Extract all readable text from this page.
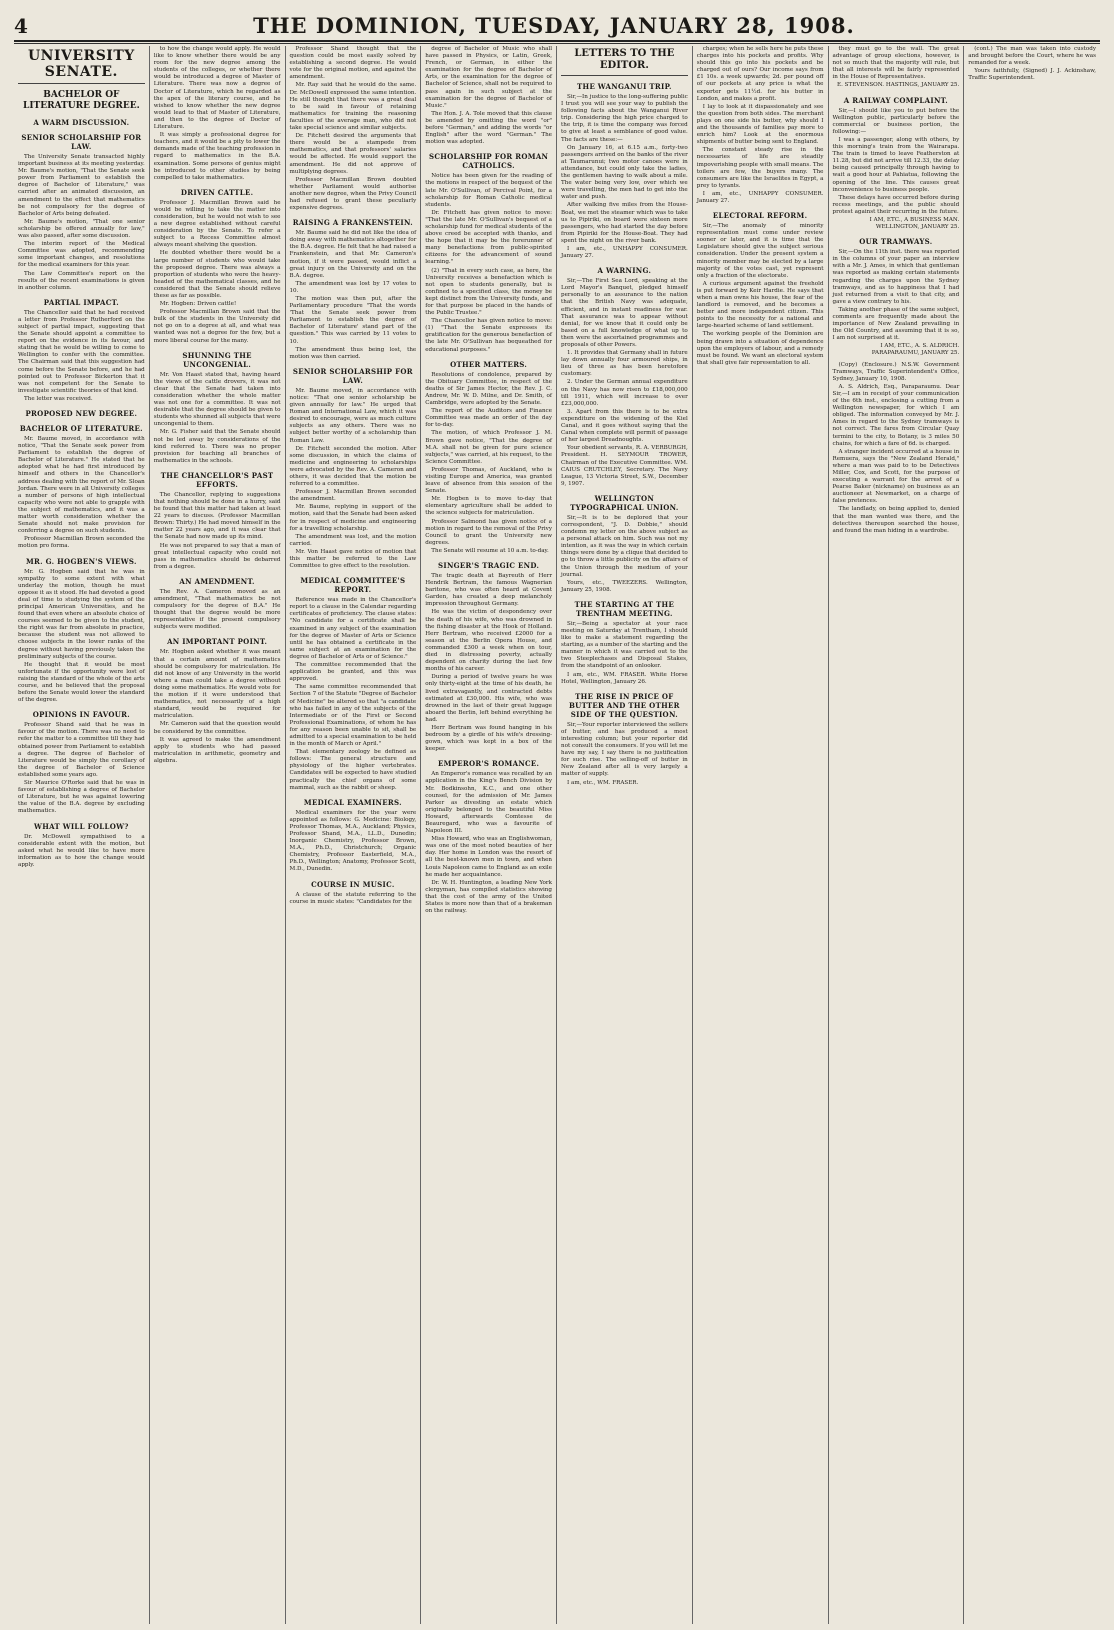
4	THE DOMINION, TUESDAY, JANUARY 28, 1908.
UNIVERSITY SENATE.
BACHELOR OF LITERATURE DEGREE.
A WARM DISCUSSION.
SENIOR SCHOLARSHIP FOR LAW.

The University Senate transacted highly important business at its meeting yesterday. Mr. Baume's motion, "That the Senate seek power from Parliament to establish the degree of Bachelor of Literature," was carried after an animated discussion, an amendment to the effect that mathematics be not compulsory for the degree of Bachelor of Arts being defeated.

Mr. Baume's motion, "That one senior scholarship be offered annually for law," was also passed, after some discussion.

The interim report of the Medical Committee was adopted, recommending some important changes, and resolutions for the medical examiners for this year.

The Law Committee's report on the results of the recent examinations is given in another column.

PARTIAL IMPACT.

The Chancellor said that he had received a letter from Professor Rutherford on the subject of partial impact, suggesting that the Senate should appoint a committee to report on the evidence in its favour, and stating that he would be willing to come to Wellington to confer with the committee. The Chairman said that this suggestion had come before the Senate before, and he had pointed out to Professor Bickerton that it was not competent for the Senate to investigate scientific theories of that kind.

The letter was received.

PROPOSED NEW DEGREE.
BACHELOR OF LITERATURE.

Mr. Baume moved, in accordance with notice, "That the Senate seek power from Parliament to establish the degree of Bachelor of Literature." He stated that he adopted what he had first introduced by himself and others in the Chancellor's address dealing with the report of Mr. Sloan Jordan. There were in all University colleges a number of persons of high intellectual capacity who were not able to grapple with the subject of mathematics, and it was a matter worth consideration whether the Senate should not make provision for conferring a degree on such students.

Professor Macmillan Brown seconded the motion pro forma.

MR. G. HOGBEN'S VIEWS.

Mr. G. Hogben said that he was in sympathy to some extent with what underlay the motion, though he must oppose it as it stood. He had devoted a good deal of time to studying the system of the principal American Universities, and he found that even where an absolute choice of courses seemed to be given to the student, the right was far from absolute in practice, because the student was not allowed to choose subjects in the lower ranks of the degree without having previously taken the preliminary subjects of the course.

He thought that it would be most unfortunate if the opportunity were lost of raising the standard of the whole of the arts course, and he believed that the proposal before the Senate would lower the standard of the degree.

OPINIONS IN FAVOUR.

Professor Shand said that he was in favour of the motion. There was no need to refer the matter to a committee till they had obtained power from Parliament to establish a degree. The degree of Bachelor of Literature would be simply the corollary of the degree of Bachelor of Science established some years ago.

Sir Maurice O'Rorke said that he was in favour of establishing a degree of Bachelor of Literature, but he was against lowering the value of the B.A. degree by excluding mathematics.

WHAT WILL FOLLOW?

Dr. McDowell sympathised to a considerable extent with the motion, but asked what he would like to have more information as to how the change would apply.

to how the change would apply. He would like to know whether there would be any room for the new degree among the students of the colleges, or whether there would be introduced a degree of Master of Literature. There was now a degree of Doctor of Literature, which he regarded as the apex of the literary course, and he wished to know whether the new degree would lead to that of Master of Literature, and then to the degree of Doctor of Literature.

It was simply a professional degree for teachers, and it would be a pity to lower the demands made of the teaching profession in regard to mathematics in the B.A. examination. Some persons of genius might be introduced to other studies by being compelled to take mathematics.

DRIVEN CATTLE.

Professor J. Macmillan Brown said he would be willing to take the matter into consideration, but he would not wish to see a new degree established without careful consideration by the Senate. To refer a subject to a Recess Committee almost always meant shelving the question.

He doubted whether there would be a large number of students who would take the proposed degree. There was always a proportion of students who were the heavy-headed of the mathematical classes, and he considered that the Senate should relieve these as far as possible.

Mr. Hogben: Driven cattle!

Professor Macmillan Brown said that the bulk of the students in the University did not go on to a degree at all, and what was wanted was not a degree for the few, but a more liberal course for the many.

SHUNNING THE UNCONGENIAL.

Mr. Von Haast stated that, having heard the views of the cattle drovers, it was not clear that the Senate had taken into consideration whether the whole matter was not one for a committee. It was not desirable that the degree should be given to students who shunned all subjects that were uncongenial to them.

Mr. G. Fisher said that the Senate should not be led away by considerations of the kind referred to. There was no proper provision for teaching all branches of mathematics in the schools.

THE CHANCELLOR'S PAST EFFORTS.

The Chancellor, replying to suggestions that nothing should be done in a hurry, said he found that this matter had taken at least 22 years to discuss. (Professor Macmillan Brown: Thirty.) He had moved himself in the matter 22 years ago, and it was clear that the Senate had now made up its mind.

He was not prepared to say that a man of great intellectual capacity who could not pass in mathematics should be debarred from a degree.

AN AMENDMENT.

The Rev. A. Cameron moved as an amendment, "That mathematics be not compulsory for the degree of B.A." He thought that the degree would be more representative if the present compulsory subjects were modified.

AN IMPORTANT POINT.

Mr. Hogben asked whether it was meant that a certain amount of mathematics should be compulsory for matriculation. He did not know of any University in the world where a man could take a degree without doing some mathematics. He would vote for the motion if it were understood that mathematics, not necessarily of a high standard, would be required for matriculation.

Mr. Cameron said that the question would be considered by the committee.

It was agreed to make the amendment apply to students who had passed matriculation in arithmetic, geometry and algebra.

Professor Shand thought that the question could be most easily solved by establishing a second degree. He would vote for the original motion, and against the amendment.

Mr. Ray said that he would do the same. Dr. McDowell expressed the same intention. He still thought that there was a great deal to be said in favour of retaining mathematics for training the reasoning faculties of the average man, who did not take special science and similar subjects.

Dr. Fitchett desired the arguments that there would be a stampede from mathematics, and that professors' salaries would be affected. He would support the amendment. He did not approve of multiplying degrees.

Professor Macmillan Brown doubted whether Parliament would authorise another new degree, when the Privy Council had refused to grant these peculiarly expensive degrees.

RAISING A FRANKENSTEIN.

Mr. Baume said he did not like the idea of doing away with mathematics altogether for the B.A. degree. He felt that he had raised a Frankenstein, and that Mr. Cameron's motion, if it were passed, would inflict a great injury on the University and on the B.A. degree.

The amendment was lost by 17 votes to 10.

The motion was then put, after the Parliamentary procedure "That the words 'That the Senate seek power from Parliament to establish the degree of Bachelor of Literature' stand part of the question." This was carried by 11 votes to 10.

The amendment thus being lost, the motion was then carried.

SENIOR SCHOLARSHIP FOR LAW.

Mr. Baume moved, in accordance with notice: "That one senior scholarship be given annually for law." He urged that Roman and International Law, which it was desired to encourage, were as much culture subjects as any others. There was no subject better worthy of a scholarship than Roman Law.

Dr. Fitchett seconded the motion. After some discussion, in which the claims of medicine and engineering to scholarships were advocated by the Rev. A. Cameron and others, it was decided that the motion be referred to a committee.

Professor J. Macmillan Brown seconded the amendment.

Mr. Baume, replying in support of the motion, said that the Senate had been asked for in respect of medicine and engineering for a travelling scholarship.

The amendment was lost, and the motion carried.

Mr. Von Haast gave notice of motion that this matter be referred to the Law Committee to give effect to the resolution.

MEDICAL COMMITTEE'S REPORT.

Reference was made in the Chancellor's report to a clause in the Calendar regarding certificates of proficiency. The clause states: "No candidate for a certificate shall be examined in any subject of the examination for the degree of Master of Arts or Science until he has obtained a certificate in the same subject at an examination for the degree of Bachelor of Arts or of Science."

The committee recommended that the application be granted, and this was approved.

The same committee recommended that Section 7 of the Statute "Degree of Bachelor of Medicine" be altered so that "a candidate who has failed in any of the subjects of the Intermediate or of the First or Second Professional Examinations, of whom he has for any reason been unable to sit, shall be admitted to a special examination to be held in the month of March or April."

That elementary zoology be defined as follows: The general structure and physiology of the higher vertebrates. Candidates will be expected to have studied practically the chief organs of some mammal, such as the rabbit or sheep.

MEDICAL EXAMINERS.

Medical examiners for the year were appointed as follows: G. Medicine: Biology, Professor Thomas, M.A., Auckland; Physics, Professor Shand, M.A., LL.D., Dunedin; Inorganic Chemistry, Professor Brown, M.A., Ph.D., Christchurch; Organic Chemistry, Professor Easterfield, M.A., Ph.D., Wellington; Anatomy, Professor Scott, M.D., Dunedin.

COURSE IN MUSIC.

A clause of the statute referring to the course in music states: "Candidates for the

degree of Bachelor of Music who shall have passed in Physics, or Latin, Greek, French, or German, in either the examination for the degree of Bachelor of Arts, or the examination for the degree of Bachelor of Science, shall not be required to pass again in such subject at the examination for the degree of Bachelor of Music."

The Hon. J. A. Tole moved that this clause be amended by omitting the word "or" before "German," and adding the words "or English" after the word "German." The motion was adopted.

SCHOLARSHIP FOR ROMAN CATHOLICS.

Notice has been given for the reading of the motions in respect of the bequest of the late Mr. O'Sullivan, of Percival Point, for a scholarship for Roman Catholic medical students.

Dr. Fitchett has given notice to move: "That the late Mr. O'Sullivan's bequest of a scholarship fund for medical students of the above creed be accepted with thanks, and the hope that it may be the forerunner of many benefactions from public-spirited citizens for the advancement of sound learning."

(2) "That in every such case, as here, the University receives a benefaction which is not open to students generally, but is confined to a specified class, the money be kept distinct from the University funds, and for that purpose be placed in the hands of the Public Trustee."

The Chancellor has given notice to move: (1) "That the Senate expresses its gratification for the generous benefaction of the late Mr. O'Sullivan has bequeathed for educational purposes."

OTHER MATTERS.

Resolutions of condolence, prepared by the Obituary Committee, in respect of the deaths of Sir James Hector, the Rev. J. C. Andrew, Mr. W. D. Milne, and Dr. Smith, of Cambridge, were adopted by the Senate.

The report of the Auditors and Finance Committee was made an order of the day for to-day.

The motion, of which Professor J. M. Brown gave notice, "That the degree of M.A. shall not be given for pure science subjects," was carried, at his request, to the Science Committee.

Professor Thomas, of Auckland, who is visiting Europe and America, was granted leave of absence from this session of the Senate.

Mr. Hogben is to move to-day that elementary agriculture shall be added to the science subjects for matriculation.

Professor Salmond has given notice of a motion in regard to the removal of the Privy Council to grant the University new degrees.

The Senate will resume at 10 a.m. to-day.

SINGER'S TRAGIC END.

The tragic death at Bayreuth of Herr Hendrik Bertram, the famous Wagnerian baritone, who was often heard at Covent Garden, has created a deep melancholy impression throughout Germany.

He was the victim of despondency over the death of his wife, who was drowned in the fishing disaster at the Hook of Holland. Herr Bertram, who received £2000 for a season at the Berlin Opera House, and commanded £300 a week when on tour, died in distressing poverty, actually dependent on charity during the last few months of his career.

During a period of twelve years he was only thirty-eight at the time of his death, he lived extravagantly, and contracted debts estimated at £30,000. His wife, who was drowned in the last of their great luggage aboard the Berlin, left behind everything he had.

Herr Bertram was found hanging in his bedroom by a girdle of his wife's dressing-gown, which was kept in a box of the keeper.

EMPEROR'S ROMANCE.

An Emperor's romance was recalled by an application in the King's Bench Division by Mr. Bodkinsohn, K.C., and one other counsel, for the admission of Mr. James Parker as divesting an estate which originally belonged to the beautiful Miss Howard, afterwards Comtesse de Beauregard, who was a favourite of Napoleon III.

Miss Howard, who was an Englishwoman, was one of the most noted beauties of her day. Her home in London was the resort of all the best-known men in town, and when Louis Napoleon came to England as an exile he made her acquaintance.

Dr. W. H. Huntington, a leading New York clergyman, has compiled statistics showing that the cost of the army of the United States is more now than that of a brakeman on the railway.

LETTERS TO THE EDITOR.
THE WANGANUI TRIP.

Sir,—In justice to the long-suffering public I trust you will see your way to publish the following facts about the Wanganui River trip. Considering the high price charged to the trip, it is time the company was forced to give at least a semblance of good value. The facts are these:—

On January 16, at 6.15 a.m., forty-two passengers arrived on the banks of the river at Taumarunui; two motor canoes were in attendance, but could only take the ladies, the gentlemen having to walk about a mile. The water being very low, over which we were travelling, the men had to get into the water and push.

After walking five miles from the House-Boat, we met the steamer which was to take us to Pipiriki, on board were sixteen more passengers, who had started the day before from Pipiriki for the House-Boat. They had spent the night on the river bank.

I am, etc., UNHAPPY CONSUMER. January 27.

A WARNING.

Sir,—The First Sea Lord, speaking at the Lord Mayor's Banquet, pledged himself personally to an assurance to the nation that the British Navy was adequate, efficient, and in instant readiness for war. That assurance was to appear without denial, for we know that it could only be based on a full knowledge of what up to then were the ascertained programmes and proposals of other Powers.

1. It provides that Germany shall in future lay down annually four armoured ships, in lieu of three as has been heretofore customary.

2. Under the German annual expenditure on the Navy has now risen to £18,000,000 till 1911, which will increase to over £23,000,000.

3. Apart from this there is to be extra expenditure on the widening of the Kiel Canal, and it goes without saying that the Canal when complete will permit of passage of her largest Dreadnoughts.

Your obedient servants, R. A. VERBURGH, President. H. SEYMOUR TROWER, Chairman of the Executive Committee. WM. CAIUS CRUTCHLEY, Secretary. The Navy League, 13 Victoria Street, S.W., December 9, 1907.

WELLINGTON TYPOGRAPHICAL UNION.

Sir,—It is to be deplored that your correspondent, "J. D. Dobbie," should condemn my letter on the above subject as a personal attack on him. Such was not my intention, as it was the way in which certain things were done by a clique that decided to go to throw a little publicity on the affairs of the Union through the medium of your journal.

Yours, etc., TWEEZERS. Wellington, January 25, 1908.

THE STARTING AT THE TRENTHAM MEETING.

Sir,—Being a spectator at your race meeting on Saturday at Trentham, I should like to make a statement regarding the starting, as a number of the starting and the manner in which it was carried out to the two Steeplechases and Disposal Stakes, from the standpoint of an onlooker.

I am, etc., WM. FRASER. White Horse Hotel, Wellington, January 26.

THE RISE IN PRICE OF BUTTER AND THE OTHER SIDE OF THE QUESTION.

Sir,—Your reporter interviewed the sellers of butter, and has produced a most interesting column; but your reporter did not consult the consumers. If you will let me have my say, I say there is no justification for such rise. The selling-off of butter in New Zealand after all is very largely a matter of supply.

I am, etc., WM. FRASER.

charges; when he sells here he puts these charges into his pockets and profits. Why should this go into his pockets and be charged out of ours? Our income says from £1 10s. a week upwards; 2d. per pound off of our pockets at any price is what the exporter gets 11½d. for his butter in London, and makes a profit.

I lay to look at it dispassionately and see the question from both sides. The merchant plays on one side his butter, why should I and the thousands of families pay more to enrich him? Look at the enormous shipments of butter being sent to England.

The constant steady rise in the necessaries of life are steadily impoverishing people with small means. The toilers are few, the buyers many. The consumers are like the Israelites in Egypt, a prey to tyrants.

I am, etc., UNHAPPY CONSUMER. January 27.

ELECTORAL REFORM.

Sir,—The anomaly of minority representation must come under review sooner or later, and it is time that the Legislature should give the subject serious consideration. Under the present system a minority member may be elected by a large majority of the votes cast, yet represent only a fraction of the electorate.

A curious argument against the freehold is put forward by Keir Hardie. He says that when a man owns his house, the fear of the landlord is removed, and he becomes a better and more independent citizen. This points to the necessity for a national and large-hearted scheme of land settlement.

The working people of the Dominion are being drawn into a situation of dependence upon the employers of labour, and a remedy must be found. We want an electoral system that shall give fair representation to all.

they must go to the wall. The great advantage of group elections, however, is not so much that the majority will rule, but that all interests will be fairly represented in the House of Representatives.

E. STEVENSON. HASTINGS, JANUARY 25.
A RAILWAY COMPLAINT.

Sir,—I should like you to put before the Wellington public, particularly before the commercial or business portion, the following:—

I was a passenger, along with others, by this morning's train from the Wairarapa. The train is timed to leave Featherston at 11.28, but did not arrive till 12.33, the delay being caused principally through having to wait a good hour at Pahiatua, following the opening of the line. This causes great inconvenience to business people.

These delays have occurred before during recess meetings, and the public should protest against their recurring in the future.

I AM, ETC., A BUSINESS MAN. WELLINGTON, JANUARY 25.
OUR TRAMWAYS.

Sir,—On the 11th inst. there was reported in the columns of your paper an interview with a Mr. J. Ames, in which that gentleman was reported as making certain statements regarding the charges upon the Sydney tramways, and as to happiness that I had just returned from a visit to that city, and gave a view contrary to his.

Taking another phase of the same subject, comments are frequently made about the importance of New Zealand prevailing in the Old Country, and assuming that it is so, I am not surprised at it.

I AM, ETC., A. S. ALDRICH. PARAPARAUMU, JANUARY 25.

(Copy) (Enclosure.) N.S.W. Government Tramways, Traffic Superintendent's Office, Sydney, January 10, 1908.

A. S. Aldrich, Esq., Paraparaumu. Dear Sir,—I am in receipt of your communication of the 6th inst., enclosing a cutting from a Wellington newspaper, for which I am obliged. The information conveyed by Mr. J. Ames in regard to the Sydney tramways is not correct. The fares from Circular Quay termini to the city, to Botany, is 3 miles 50 chains, for which a fare of 6d. is charged.

A stranger incident occurred at a house in Remuera, says the "New Zealand Herald," where a man was paid to to be Detectives Miller, Cox, and Scott, for the purpose of executing a warrant for the arrest of a Pearse Baker (nickname) on business as an auctioneer at Newmarket, on a charge of false pretences.

The landlady, on being applied to, denied that the man wanted was there, and the detectives thereupon searched the house, and found the man hiding in a wardrobe.

(cont.) The man was taken into custody and brought before the Court, where he was remanded for a week.

Yours faithfully, (Signed) J. J. Ackinshaw, Traffic Superintendent.
